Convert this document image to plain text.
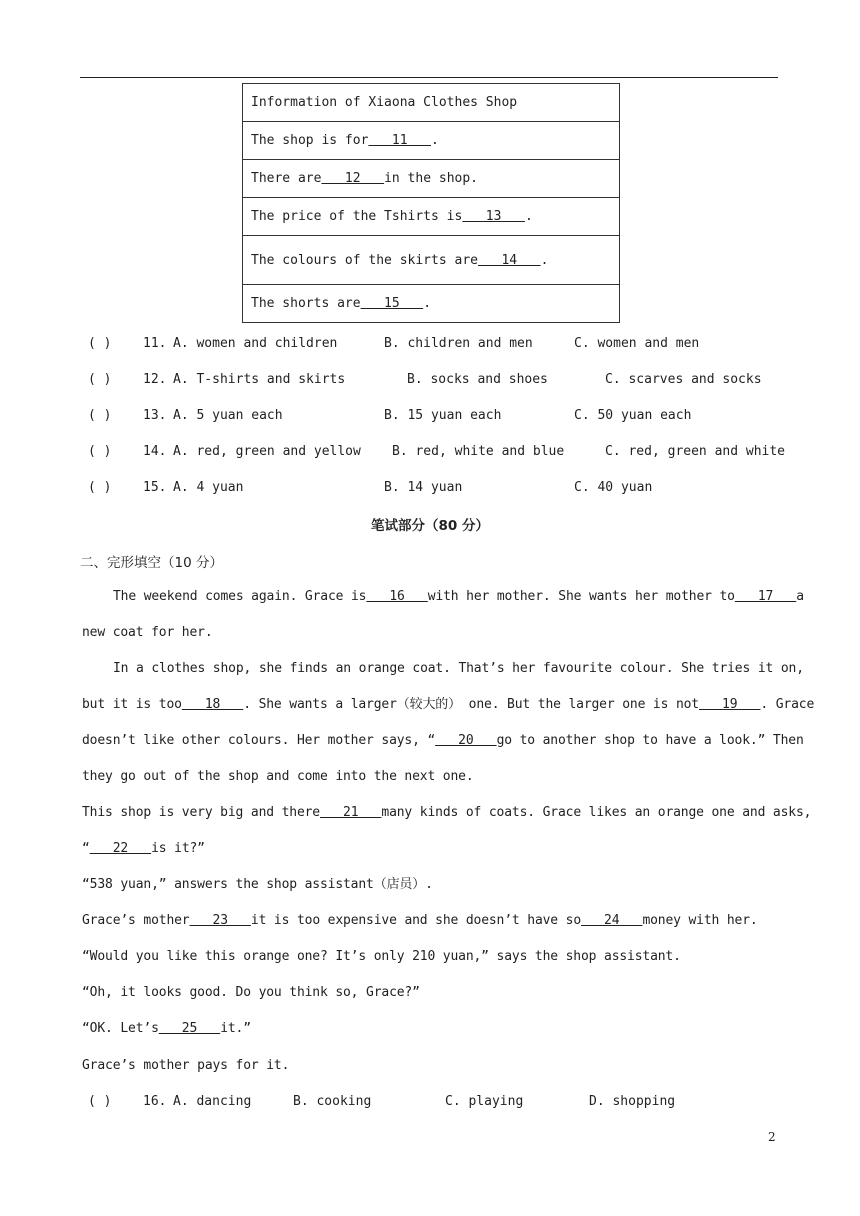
Information of Xiaona Clothes Shop
The shop is for   11   .
There are   12   in the shop.
The price of the Tshirts is   13   .
The colours of the skirts are   14   .
The shorts are   15   .
( ) 11. A. women and children	B. children and men	C. women and men
( ) 12. A. T-shirts and skirts	B. socks and shoes	C. scarves and socks
( ) 13. A. 5 yuan each	B. 15 yuan each	C. 50 yuan each
( ) 14. A. red, green and yellow B. red, white and blue	C. red, green and white
( ) 15. A. 4 yuan	B. 14 yuan	C. 40 yuan
笔试部分（80 分）
二、完形填空（10 分）
The weekend comes again. Grace is   16   with her mother. She wants her mother to   17   a
new coat for her.
In a clothes shop, she finds an orange coat. That’s her favourite colour. She tries it on,
but it is too   18   . She wants a larger（较大的） one. But the larger one is not   19   . Grace
doesn’t like other colours. Her mother says, “   20   go to another shop to have a look.” Then
they go out of the shop and come into the next one.
This shop is very big and there   21   many kinds of coats. Grace likes an orange one and asks,
“   22   is it?”
“538 yuan,” answers the shop assistant（店员）.
Grace’s mother   23   it is too expensive and she doesn’t have so   24   money with her.
“Would you like this orange one? It’s only 210 yuan,” says the shop assistant.
“Oh, it looks good. Do you think so, Grace?”
“OK. Let’s   25   it.”
Grace’s mother pays for it.
( ) 16. A. dancing	B. cooking	C. playing	D. shopping
2
